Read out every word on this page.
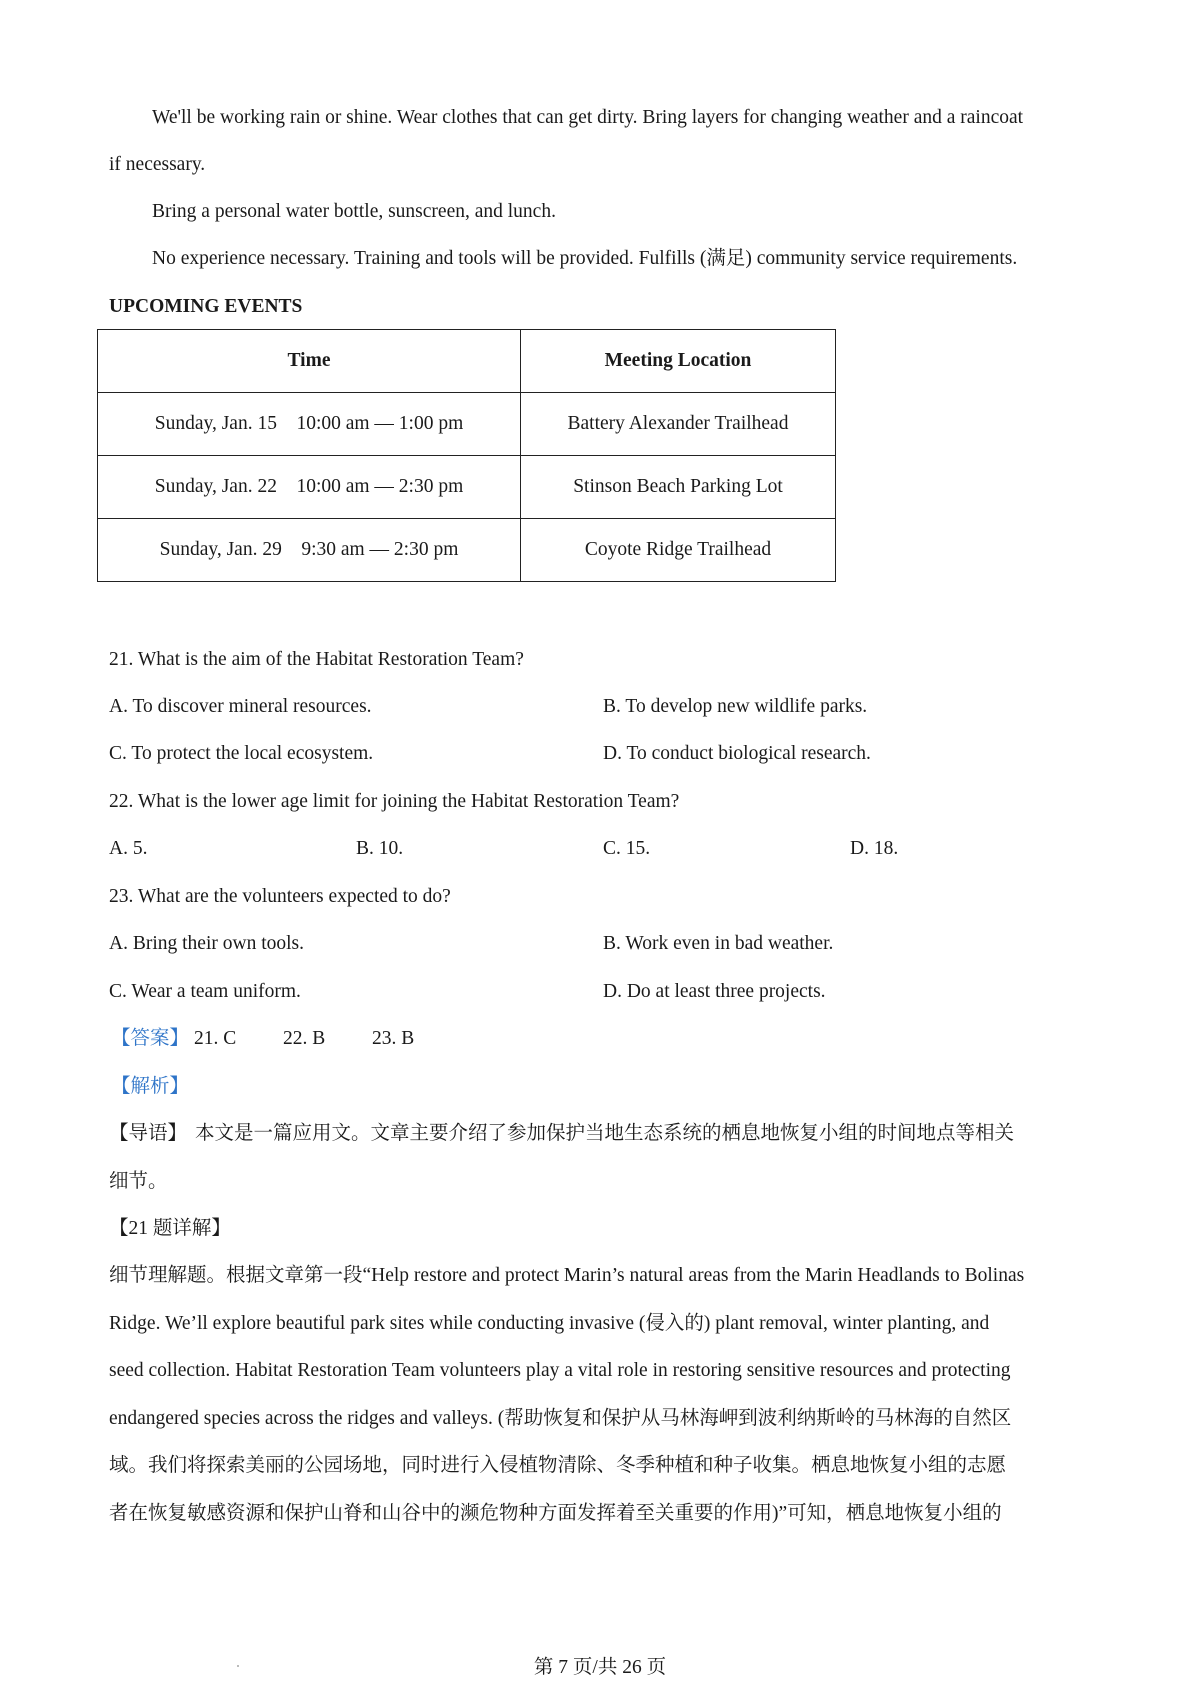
We'll be working rain or shine. Wear clothes that can get dirty. Bring layers for changing weather and a raincoat
if necessary.
Bring a personal water bottle, sunscreen, and lunch.
No experience necessary. Training and tools will be provided. Fulfills (满足) community service requirements.
UPCOMING EVENTS
Time	Meeting Location
Sunday, Jan. 15    10:00 am — 1:00 pm	Battery Alexander Trailhead
Sunday, Jan. 22    10:00 am — 2:30 pm	Stinson Beach Parking Lot
Sunday, Jan. 29    9:30 am — 2:30 pm	Coyote Ridge Trailhead
21. What is the aim of the Habitat Restoration Team?
A. To discover mineral resources.	B. To develop new wildlife parks.
C. To protect the local ecosystem.	D. To conduct biological research.
22. What is the lower age limit for joining the Habitat Restoration Team?
A. 5.	B. 10.	C. 15.	D. 18.
23. What are the volunteers expected to do?
A. Bring their own tools.	B. Work even in bad weather.
C. Wear a team uniform.	D. Do at least three projects.
【答案】 21. C 22. B 23. B
【解析】
【导语】 本文是一篇应用文。文章主要介绍了参加保护当地生态系统的栖息地恢复小组的时间地点等相关
细节。
【21 题详解】
细节理解题。根据文章第一段“Help restore and protect Marin’s natural areas from the Marin Headlands to Bolinas
Ridge. We’ll explore beautiful park sites while conducting invasive (侵入的) plant removal, winter planting, and
seed collection. Habitat Restoration Team volunteers play a vital role in restoring sensitive resources and protecting
endangered species across the ridges and valleys. (帮助恢复和保护从马林海岬到波利纳斯岭的马林海的自然区
域。我们将探索美丽的公园场地，同时进行入侵植物清除、冬季种植和种子收集。栖息地恢复小组的志愿
者在恢复敏感资源和保护山脊和山谷中的濒危物种方面发挥着至关重要的作用)”可知，栖息地恢复小组的
第 7 页/共 26 页
